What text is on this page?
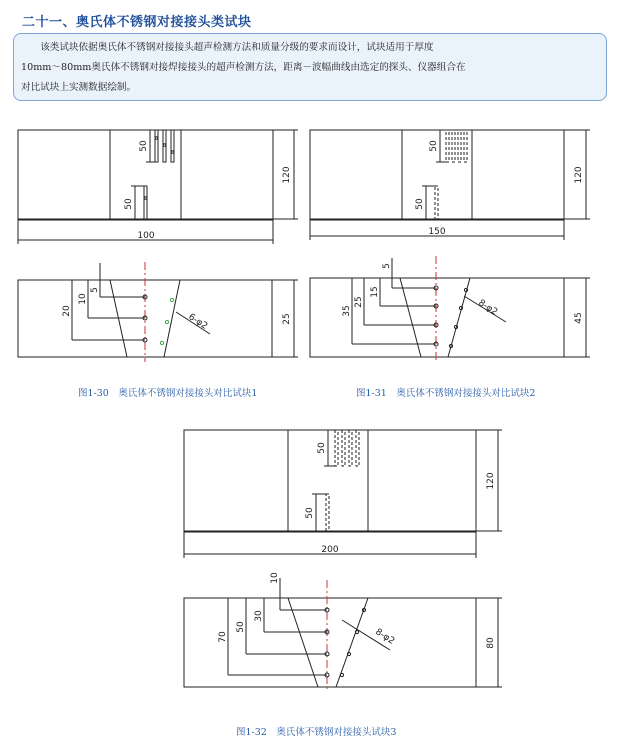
二十一、奥氏体不锈钢对接接头类试块

该类试块依据奥氏体不锈钢对接接头超声检测方法和质量分级的要求而设计，试块适用于厚度

10mm～80mm奥氏体不锈钢对接焊接接头的超声检测方法，距离－波幅曲线由选定的探头、仪器组合在

对比试块上实测数据绘制。

100
120
50
50
5
10
20
25
6-φ2
150
120
50
50
5
15
25
35
45
8-φ2
200
120
50
50
10
30
50
70
80
8-φ2
图1-30　奥氏体不锈钢对接接头对比试块1	图1-31　奥氏体不锈钢对接接头对比试块2
图1-32　奥氏体不锈钢对接接头试块3
